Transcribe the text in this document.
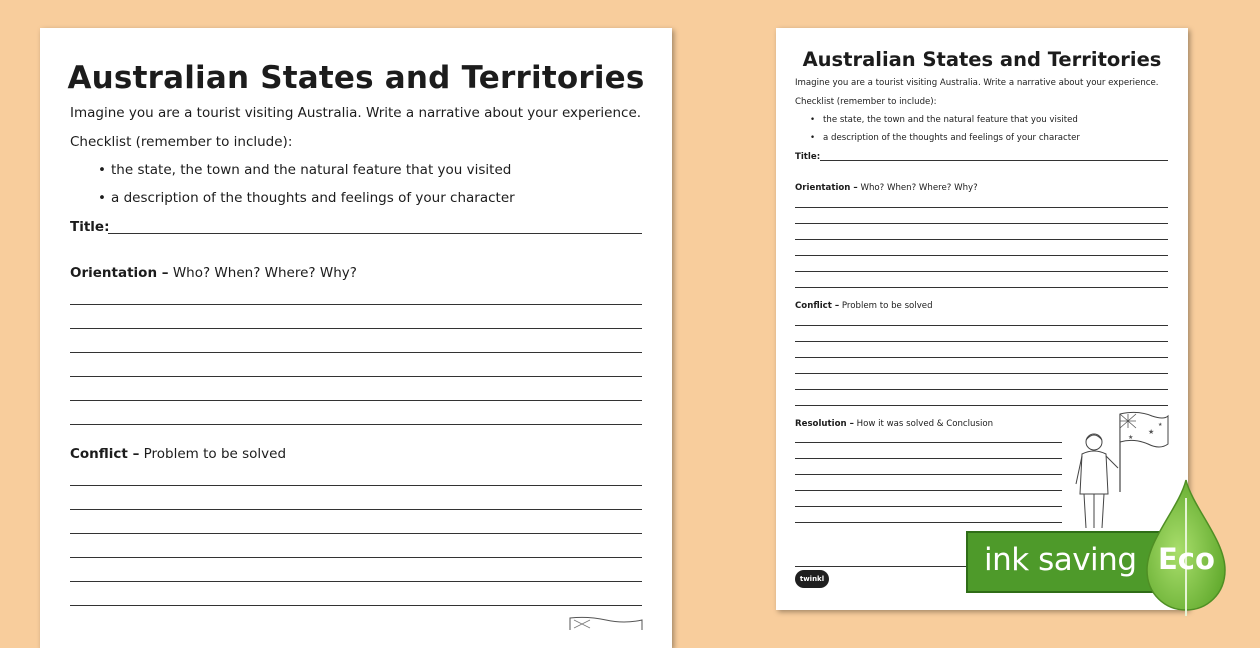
Australian States and Territories

Imagine you are a tourist visiting Australia. Write a narrative about your experience.

Checklist (remember to include):

• the state, the town and the natural feature that you visited

• a description of the thoughts and feelings of your character

Title:

Orientation – Who? When? Where? Why?

Conflict – Problem to be solved

Australian States and Territories

Imagine you are a tourist visiting Australia. Write a narrative about your experience.

Checklist (remember to include):

• the state, the town and the natural feature that you visited

• a description of the thoughts and feelings of your character

Title:

Orientation – Who? When? Where? Why?

Conflict – Problem to be solved

Resolution – How it was solved & Conclusion

★
★
★
twinkl
ink saving Eco
